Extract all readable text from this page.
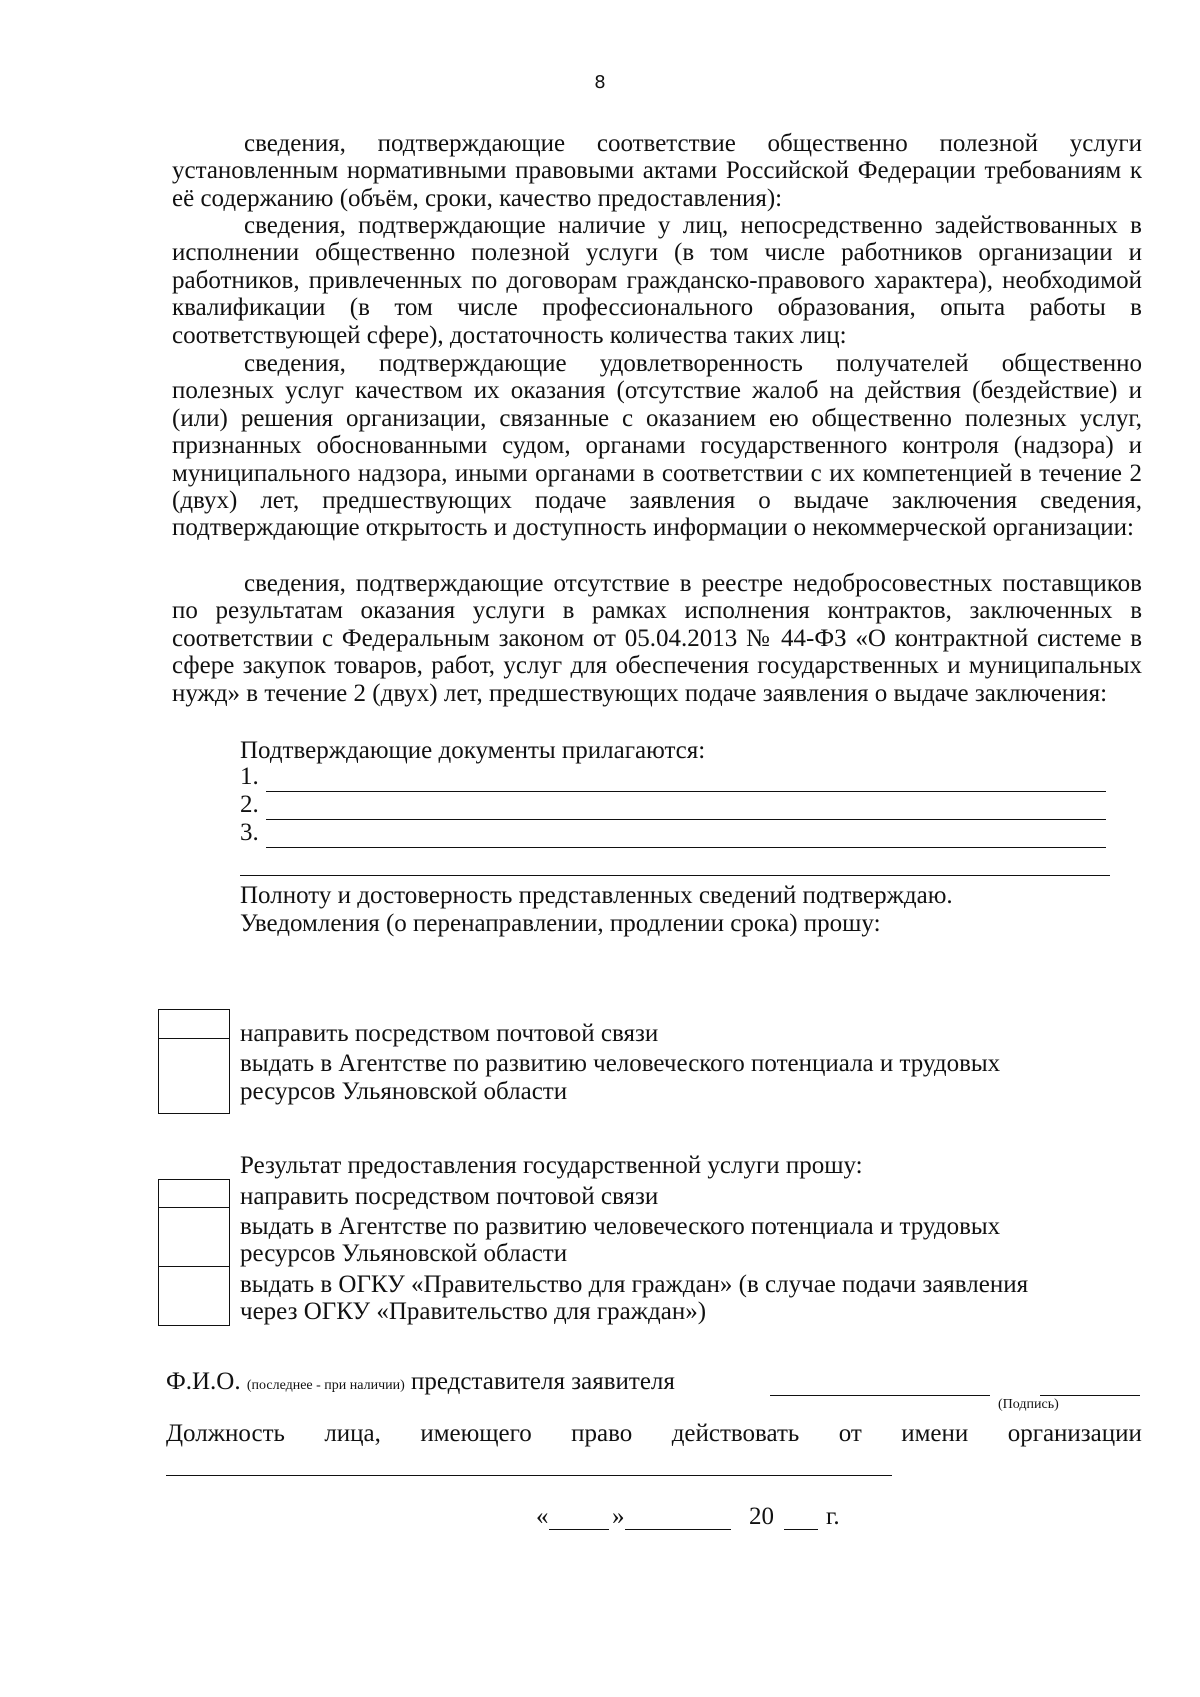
8
сведения, подтверждающие соответствие общественно полезной услуги установленным нормативными правовыми актами Российской Федерации требованиям к её содержанию (объём, сроки, качество предоставления):
сведения, подтверждающие наличие у лиц, непосредственно задействованных в исполнении общественно полезной услуги (в том числе работников организации и работников, привлеченных по договорам гражданско-правового характера), необходимой квалификации (в том числе профессионального образования, опыта работы в соответствующей сфере), достаточность количества таких лиц:
сведения, подтверждающие удовлетворенность получателей общественно полезных услуг качеством их оказания (отсутствие жалоб на действия (бездействие) и (или) решения организации, связанные с оказанием ею общественно полезных услуг, признанных обоснованными судом, органами государственного контроля (надзора) и муниципального надзора, иными органами в соответствии с их компетенцией в течение 2 (двух) лет, предшествующих подаче заявления о выдаче заключения сведения, подтверждающие открытость и доступность информации о некоммерческой организации:
сведения, подтверждающие отсутствие в реестре недобросовестных поставщиков по результатам оказания услуги в рамках исполнения контрактов, заключенных в соответствии с Федеральным законом от 05.04.2013 № 44-ФЗ «О контрактной системе в сфере закупок товаров, работ, услуг для обеспечения государственных и муниципальных нужд» в течение 2 (двух) лет, предшествующих подаче заявления о выдаче заключения:
Подтверждающие документы прилагаются:
1.
2.
3.
Полноту и достоверность представленных сведений подтверждаю.
Уведомления (о перенаправлении, продлении срока) прошу:
направить посредством почтовой связи
выдать в Агентстве по развитию человеческого потенциала и трудовых
ресурсов Ульяновской области
Результат предоставления государственной услуги прошу:
направить посредством почтовой связи
выдать в Агентстве по развитию человеческого потенциала и трудовых
ресурсов Ульяновской области
выдать в ОГКУ «Правительство для граждан» (в случае подачи заявления
через ОГКУ «Правительство для граждан»)
Ф.И.О. (последнее - при наличии) представителя заявителя
(Подпись)
Должность лица, имеющего право действовать от имени организации
«	»	20 г.
